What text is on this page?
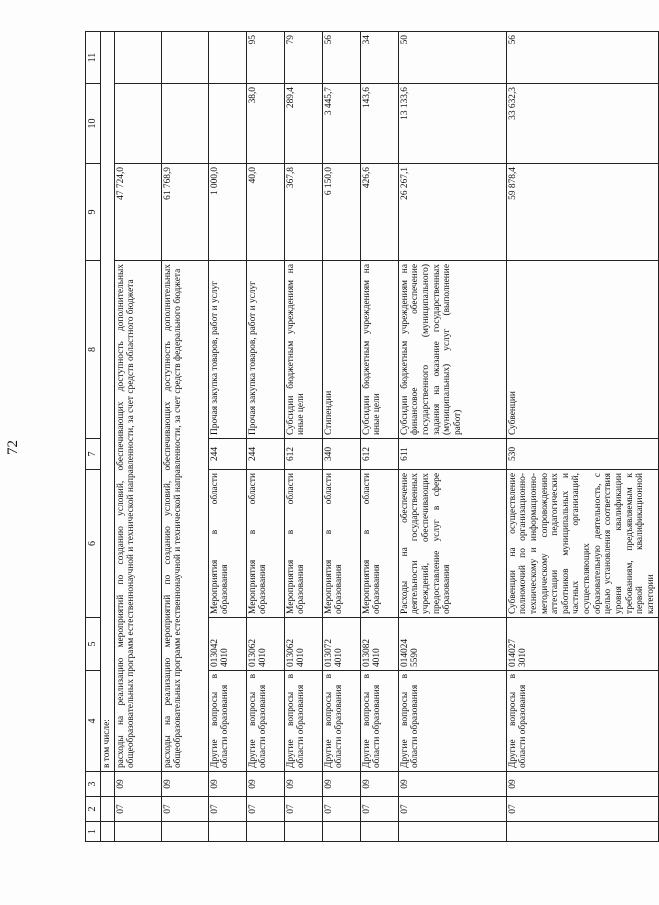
72
1	2	3	4	5	6	7	8	9	10	11
			в том числе:							
	07	09	расходы на реализацию мероприятий по созданию условий, обеспечивающих доступность дополнительных общеобразовательных программ естественнонаучной и технической направленности, за счет средств областного бюджета					47 724,0		
	07	09	расходы на реализацию мероприятий по созданию условий, обеспечивающих доступность дополнительных общеобразовательных программ естественнонаучной и технической направленности, за счет средств федерального бюджета					61 768,9		
	07	09	Другие вопросы в области образования	013042 4010	Мероприятия в области образования	244	Прочая закупка товаров, работ и услуг	1 000,0		
	07	09	Другие вопросы в области образования	013062 4010	Мероприятия в области образования	244	Прочая закупка товаров, работ и услуг	40,0	38,0	95
	07	09	Другие вопросы в области образования	013062 4010	Мероприятия в области образования	612	Субсидии бюджетным учреждениям на иные цели	367,8	289,4	79
	07	09	Другие вопросы в области образования	013072 4010	Мероприятия в области образования	340	Стипендии	6 150,0	3 445,7	56
	07	09	Другие вопросы в области образования	013082 4010	Мероприятия в области образования	612	Субсидии бюджетным учреждениям на иные цели	426,6	143,6	34
	07	09	Другие вопросы в области образования	014024 5590	Расходы на обеспечение деятельности государственных учреждений, обеспечивающих предоставление услуг в сфере образования	611	Субсидии бюджетным учреждениям на финансовое обеспечение государственного (муниципального) задания на оказание государственных (муниципальных) услуг (выполнение работ)	26 267,1	13 133,6	50
	07	09	Другие вопросы в области образования	014027 3010	Субвенции на осуществление полномочий по организационно-техническому и информационно-методическому сопровождению аттестации педагогических работников муниципальных и частных организаций, осуществляющих образовательную деятельность, с целью установления соответствия уровня квалификации требованиям, предъявляемым к первой квалификационной категории	530	Субвенции	59 878,4	33 632,3	56
